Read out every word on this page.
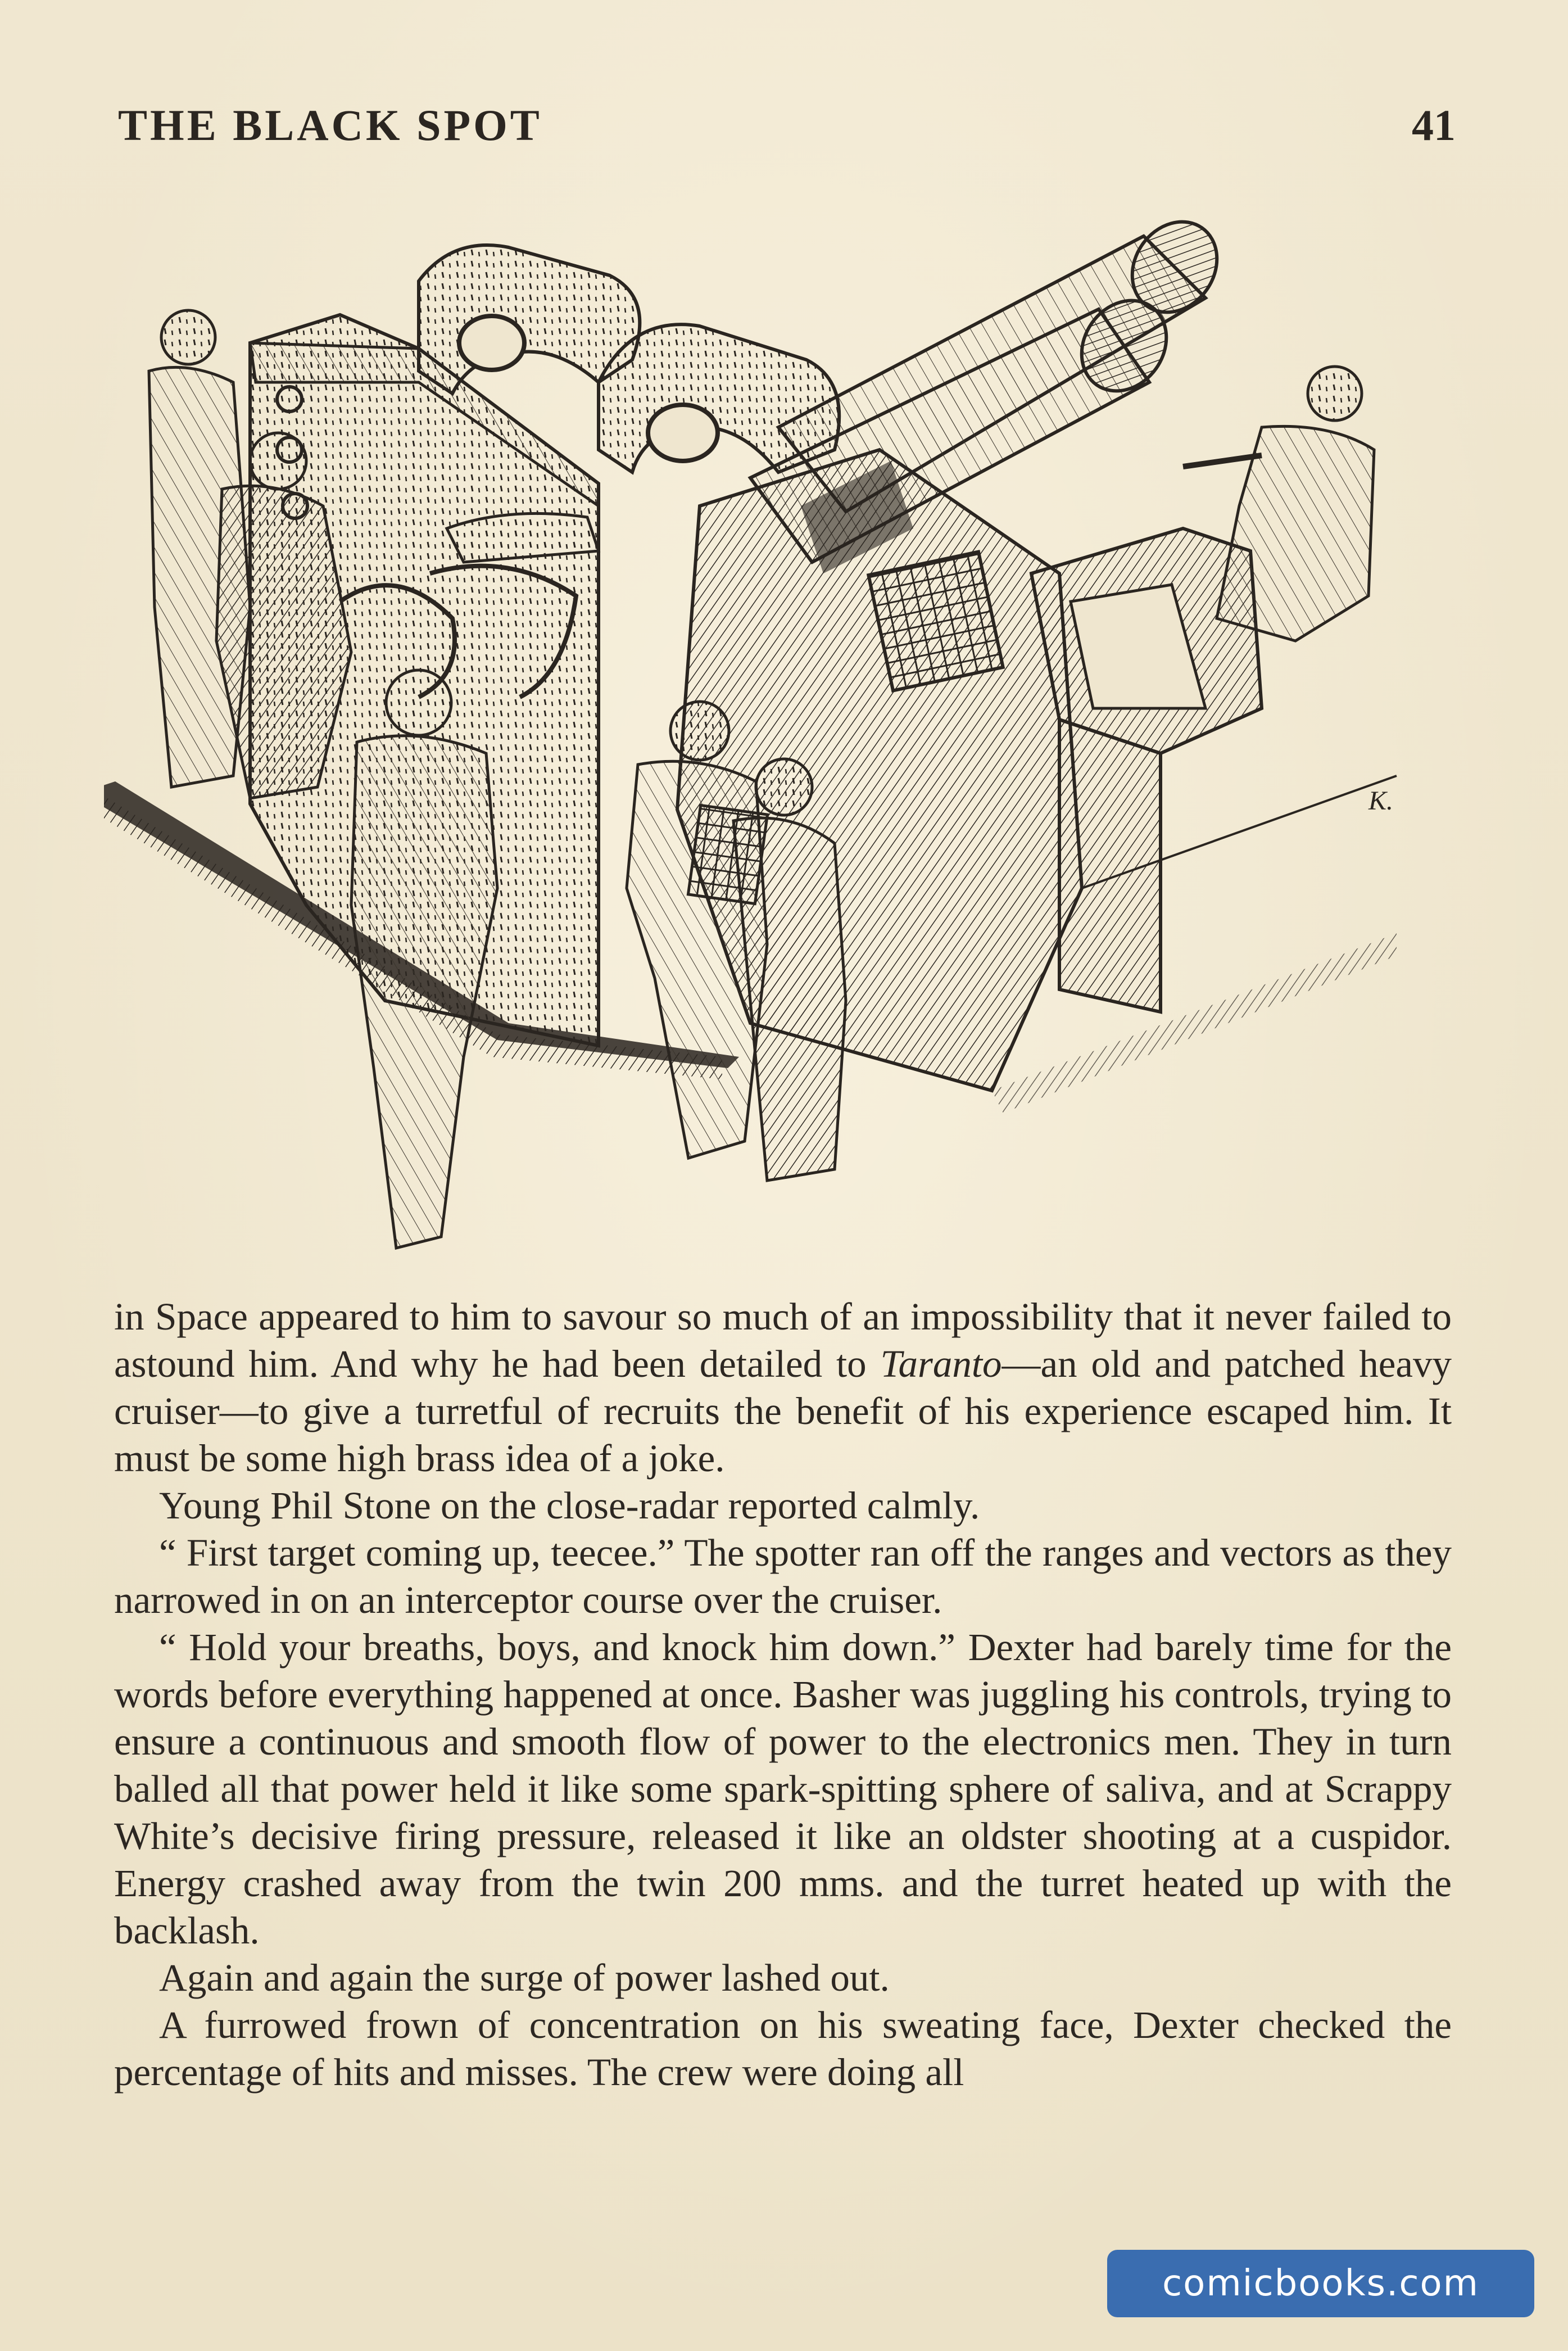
THE BLACK SPOT	41
K.

in Space appeared to him to savour so much of an impossibility that it never failed to astound him. And why he had been detailed to Taranto—an old and patched heavy cruiser—to give a turretful of recruits the benefit of his experience escaped him. It must be some high brass idea of a joke.

Young Phil Stone on the close-radar reported calmly.

“ First target coming up, teecee.” The spotter ran off the ranges and vectors as they narrowed in on an interceptor course over the cruiser.

“ Hold your breaths, boys, and knock him down.” Dexter had barely time for the words before everything happened at once. Basher was juggling his controls, trying to ensure a continuous and smooth flow of power to the electronics men. They in turn balled all that power held it like some spark-spitting sphere of saliva, and at Scrappy White’s decisive firing pressure, released it like an oldster shooting at a cuspidor. Energy crashed away from the twin 200 mms. and the turret heated up with the backlash.

Again and again the surge of power lashed out.

A furrowed frown of concentration on his sweating face, Dexter checked the percentage of hits and misses. The crew were doing all

comicbooks.com
